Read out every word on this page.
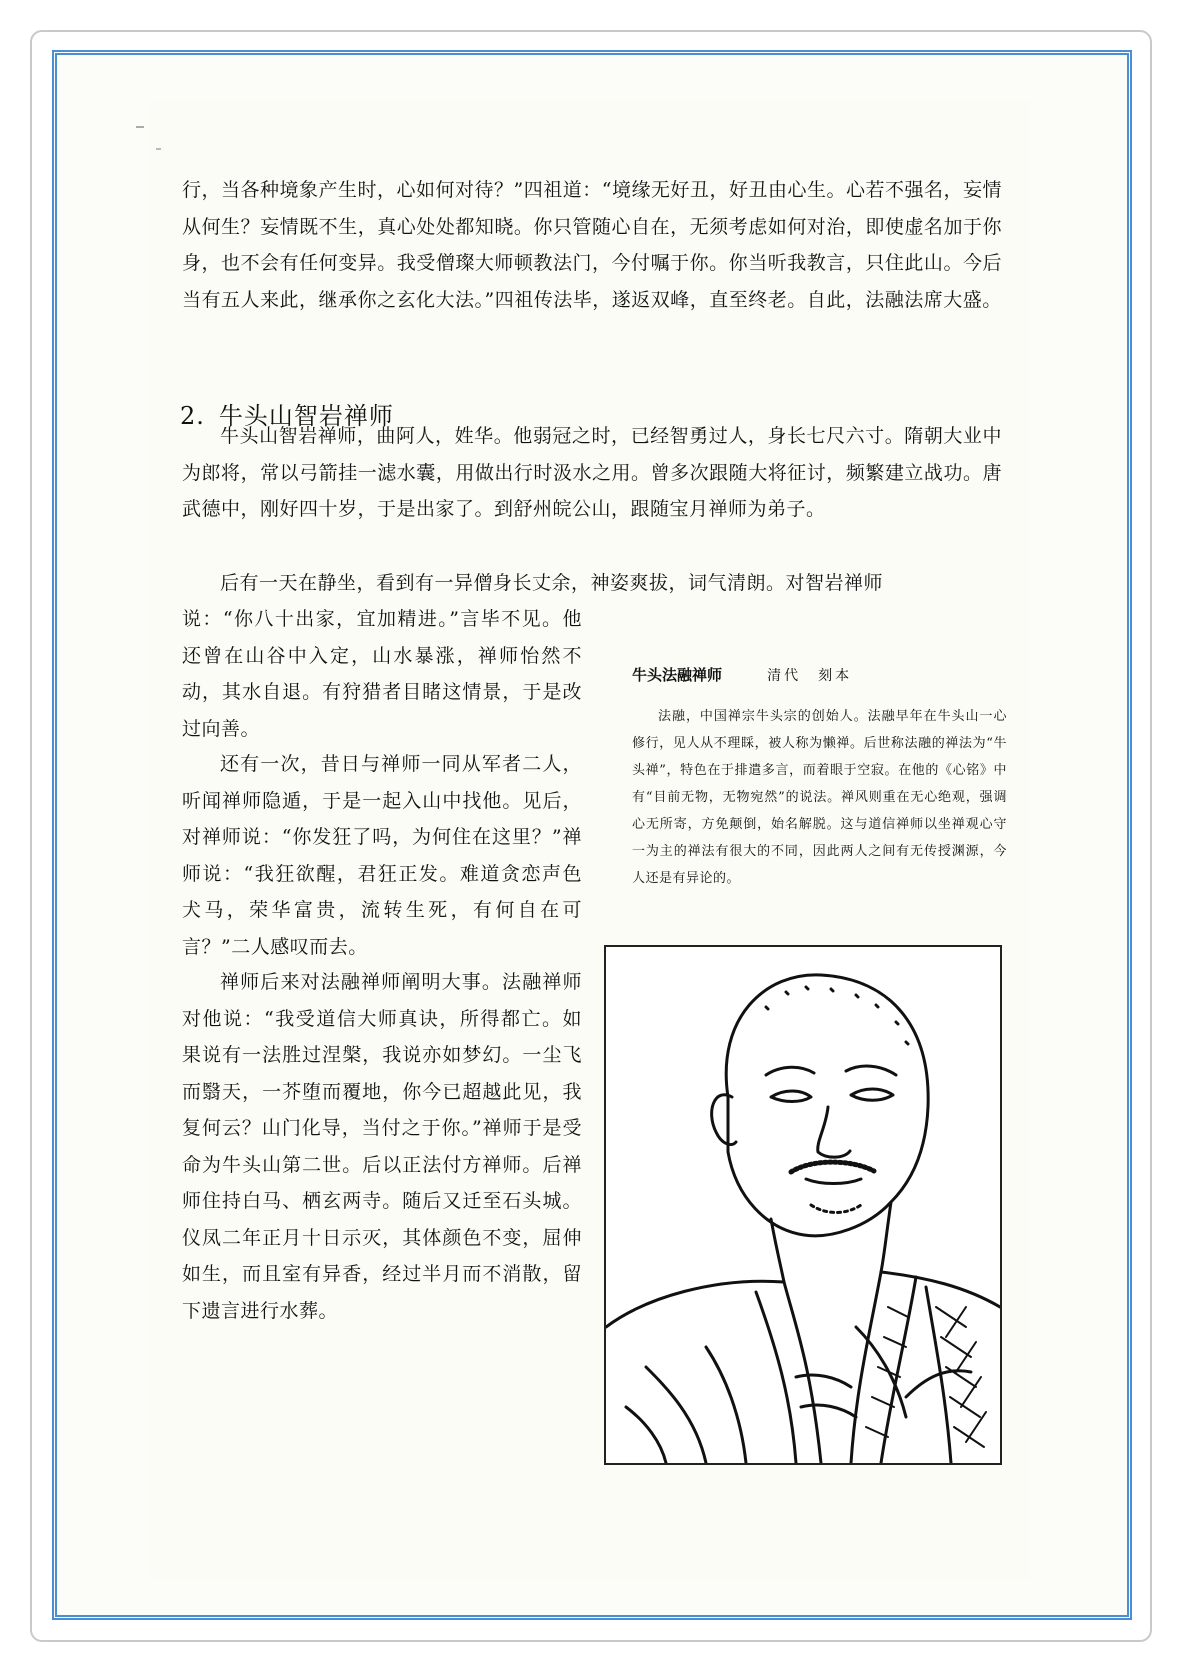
行，当各种境象产生时，心如何对待？”四祖道：“境缘无好丑，好丑由心生。心若不强名，妄情从何生？妄情既不生，真心处处都知晓。你只管随心自在，无须考虑如何对治，即使虚名加于你身，也不会有任何变异。我受僧璨大师顿教法门，今付嘱于你。你当听我教言，只住此山。今后当有五人来此，继承你之玄化大法。”四祖传法毕，遂返双峰，直至终老。自此，法融法席大盛。

2. 牛头山智岩禅师

牛头山智岩禅师，曲阿人，姓华。他弱冠之时，已经智勇过人，身长七尺六寸。隋朝大业中为郎将，常以弓箭挂一滤水囊，用做出行时汲水之用。曾多次跟随大将征讨，频繁建立战功。唐武德中，刚好四十岁，于是出家了。到舒州皖公山，跟随宝月禅师为弟子。

后有一天在静坐，看到有一异僧身长丈余，神姿爽拔，词气清朗。对智岩禅师

说：“你八十出家，宜加精进。”言毕不见。他还曾在山谷中入定，山水暴涨，禅师怡然不动，其水自退。有狩猎者目睹这情景，于是改过向善。

还有一次，昔日与禅师一同从军者二人，听闻禅师隐遁，于是一起入山中找他。见后，对禅师说：“你发狂了吗，为何住在这里？”禅师说：“我狂欲醒，君狂正发。难道贪恋声色犬马，荣华富贵，流转生死，有何自在可言？”二人感叹而去。

禅师后来对法融禅师阐明大事。法融禅师对他说：“我受道信大师真诀，所得都亡。如果说有一法胜过涅槃，我说亦如梦幻。一尘飞而翳天，一芥堕而覆地，你今已超越此见，我复何云？山门化导，当付之于你。”禅师于是受命为牛头山第二世。后以正法付方禅师。后禅师住持白马、栖玄两寺。随后又迁至石头城。仪凤二年正月十日示灭，其体颜色不变，屈伸如生，而且室有异香，经过半月而不消散，留下遗言进行水葬。

牛头法融禅师	清代　刻本

法融，中国禅宗牛头宗的创始人。法融早年在牛头山一心修行，见人从不理睬，被人称为懒禅。后世称法融的禅法为“牛头禅”，特色在于排遣多言，而着眼于空寂。在他的《心铭》中有“目前无物，无物宛然”的说法。禅风则重在无心绝观，强调心无所寄，方免颠倒，始名解脱。这与道信禅师以坐禅观心守一为主的禅法有很大的不同，因此两人之间有无传授渊源，今人还是有异论的。
